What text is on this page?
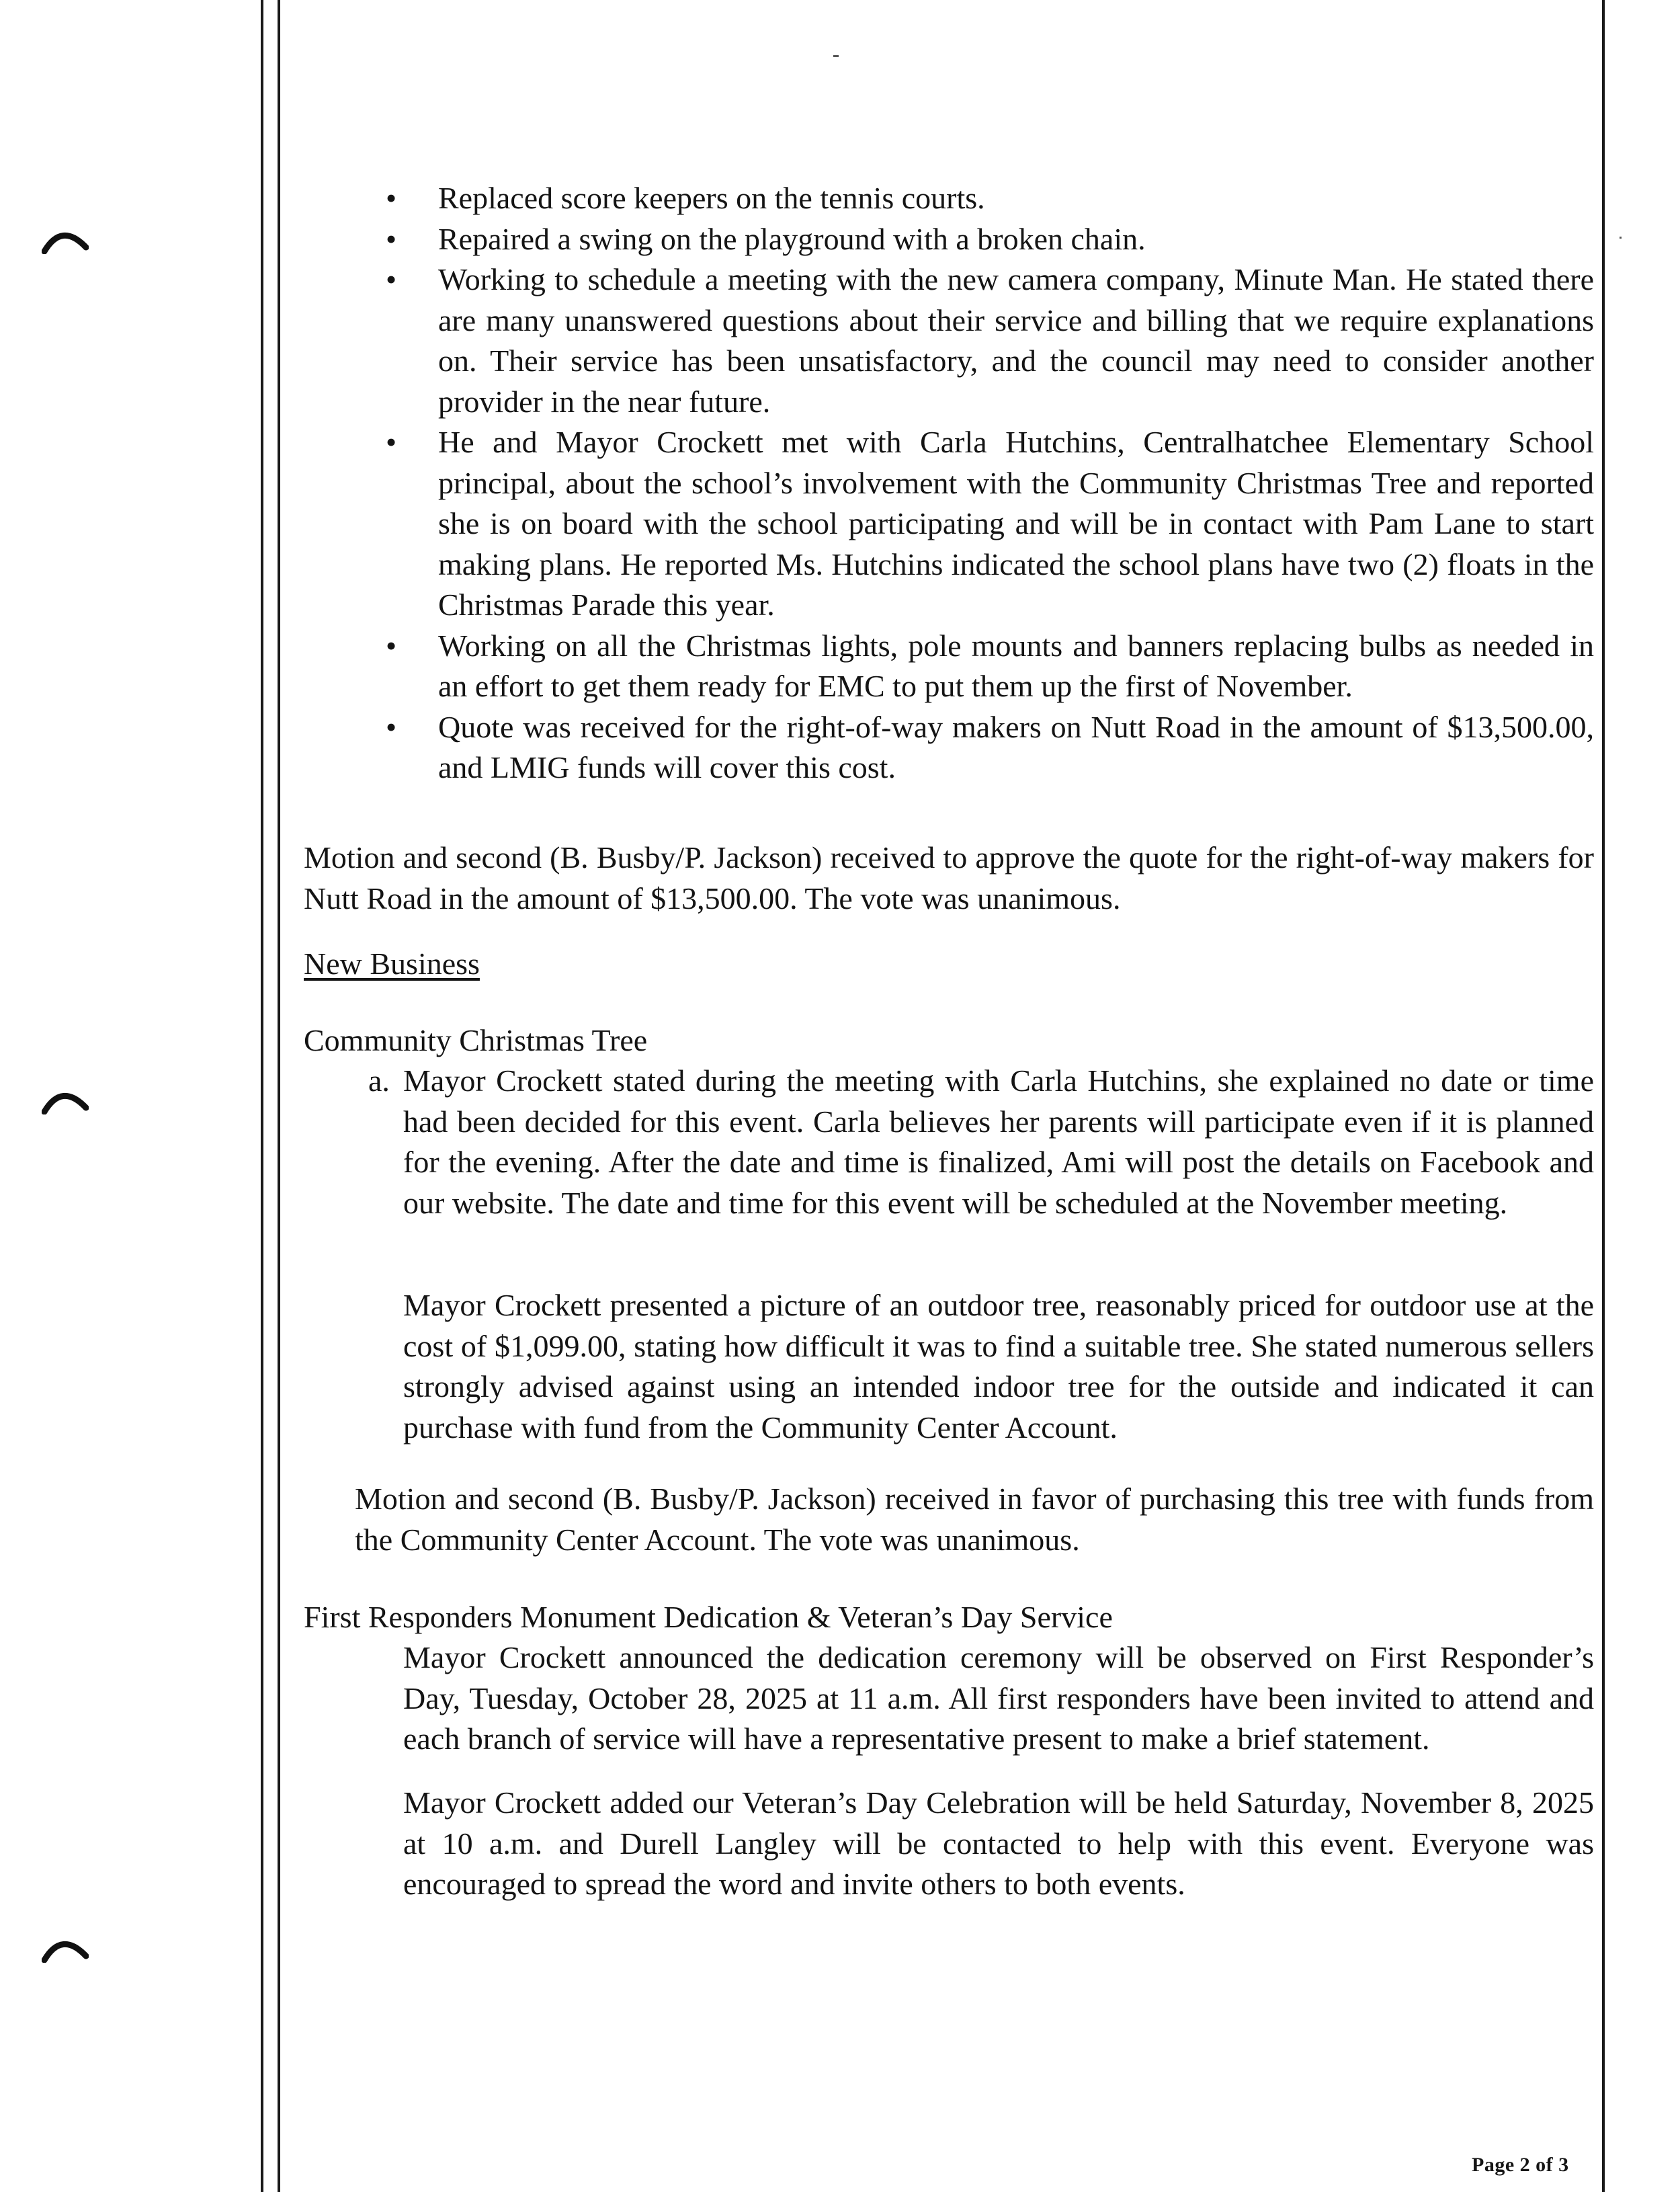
• Replaced score keepers on the tennis courts.
• Repaired a swing on the playground with a broken chain.
• Working to schedule a meeting with the new camera company, Minute Man. He stated there are many unanswered questions about their service and billing that we require explanations on. Their service has been unsatisfactory, and the council may need to consider another provider in the near future.
• He and Mayor Crockett met with Carla Hutchins, Centralhatchee Elementary School principal, about the school’s involvement with the Community Christmas Tree and reported she is on board with the school participating and will be in contact with Pam Lane to start making plans. He reported Ms. Hutchins indicated the school plans have two (2) floats in the Christmas Parade this year.
• Working on all the Christmas lights, pole mounts and banners replacing bulbs as needed in an effort to get them ready for EMC to put them up the first of November.
• Quote was received for the right-of-way makers on Nutt Road in the amount of $13,500.00, and LMIG funds will cover this cost.
Motion and second (B. Busby/P. Jackson) received to approve the quote for the right-of-way makers for Nutt Road in the amount of $13,500.00. The vote was unanimous.
New Business
Community Christmas Tree
a. Mayor Crockett stated during the meeting with Carla Hutchins, she explained no date or time had been decided for this event. Carla believes her parents will participate even if it is planned for the evening. After the date and time is finalized, Ami will post the details on Facebook and our website. The date and time for this event will be scheduled at the November meeting.
Mayor Crockett presented a picture of an outdoor tree, reasonably priced for outdoor use at the cost of $1,099.00, stating how difficult it was to find a suitable tree. She stated numerous sellers strongly advised against using an intended indoor tree for the outside and indicated it can purchase with fund from the Community Center Account.
Motion and second (B. Busby/P. Jackson) received in favor of purchasing this tree with funds from the Community Center Account. The vote was unanimous.
First Responders Monument Dedication & Veteran’s Day Service
Mayor Crockett announced the dedication ceremony will be observed on First Responder’s Day, Tuesday, October 28, 2025 at 11 a.m. All first responders have been invited to attend and each branch of service will have a representative present to make a brief statement.
Mayor Crockett added our Veteran’s Day Celebration will be held Saturday, November 8, 2025 at 10 a.m. and Durell Langley will be contacted to help with this event. Everyone was encouraged to spread the word and invite others to both events.
Page 2 of 3
